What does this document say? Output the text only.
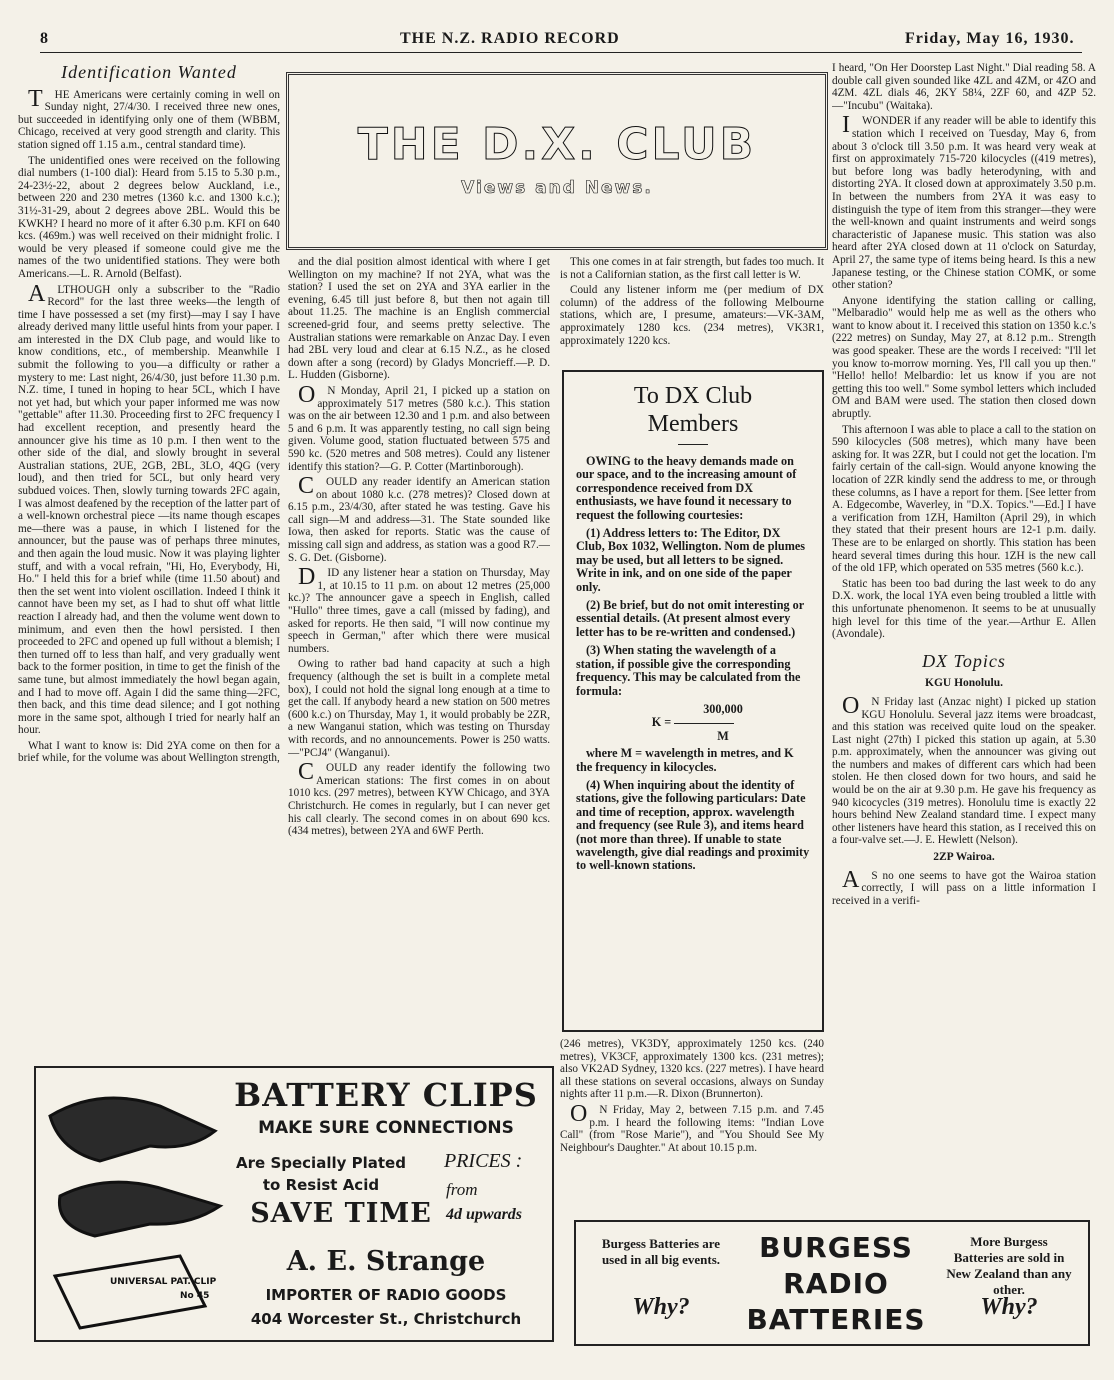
8	THE N.Z. RADIO RECORD	Friday, May 16, 1930.
Identification Wanted

THE Americans were certainly coming in well on Sunday night, 27/4/30. I received three new ones, but succeeded in identifying only one of them (WBBM, Chicago, received at very good strength and clarity. This station signed off 1.15 a.m., central standard time).

The unidentified ones were received on the following dial numbers (1-100 dial): Heard from 5.15 to 5.30 p.m., 24-23½-22, about 2 degrees below Auckland, i.e., between 220 and 230 metres (1360 k.c. and 1300 k.c.); 31½-31-29, about 2 degrees above 2BL. Would this be KWKH? I heard no more of it after 6.30 p.m. KFI on 640 kcs. (469m.) was well received on their midnight frolic. I would be very pleased if someone could give me the names of the two unidentified stations. They were both Americans.—L. R. Arnold (Belfast).

ALTHOUGH only a subscriber to the "Radio Record" for the last three weeks—the length of time I have possessed a set (my first)—may I say I have already derived many little useful hints from your paper. I am interested in the DX Club page, and would like to know conditions, etc., of membership. Meanwhile I submit the following to you—a difficulty or rather a mystery to me: Last night, 26/4/30, just before 11.30 p.m. N.Z. time, I tuned in hoping to hear 5CL, which I have not yet had, but which your paper informed me was now "gettable" after 11.30. Proceeding first to 2FC frequency I had excellent reception, and presently heard the announcer give his time as 10 p.m. I then went to the other side of the dial, and slowly brought in several Australian stations, 2UE, 2GB, 2BL, 3LO, 4QG (very loud), and then tried for 5CL, but only heard very subdued voices. Then, slowly turning towards 2FC again, I was almost deafened by the reception of the latter part of a well-known orchestral piece —its name though escapes me—there was a pause, in which I listened for the announcer, but the pause was of perhaps three minutes, and then again the loud music. Now it was playing lighter stuff, and with a vocal refrain, "Hi, Ho, Everybody, Hi, Ho." I held this for a brief while (time 11.50 about) and then the set went into violent oscillation. Indeed I think it cannot have been my set, as I had to shut off what little reaction I already had, and then the volume went down to minimum, and even then the howl persisted. I then proceeded to 2FC and opened up full without a blemish; I then turned off to less than half, and very gradually went back to the former position, in time to get the finish of the same tune, but almost immediately the howl began again, and I had to move off. Again I did the same thing—2FC, then back, and this time dead silence; and I got nothing more in the same spot, although I tried for nearly half an hour.

What I want to know is: Did 2YA come on then for a brief while, for the volume was about Wellington strength,

THE D.X. CLUB
Views and News.

and the dial position almost identical with where I get Wellington on my machine? If not 2YA, what was the station? I used the set on 2YA and 3YA earlier in the evening, 6.45 till just before 8, but then not again till about 11.25. The machine is an English commercial screened-grid four, and seems pretty selective. The Australian stations were remarkable on Anzac Day. I even had 2BL very loud and clear at 6.15 N.Z., as he closed down after a song (record) by Gladys Moncrieff.—P. D. L. Hudden (Gisborne).

ON Monday, April 21, I picked up a station on approximately 517 metres (580 k.c.). This station was on the air between 12.30 and 1 p.m. and also between 5 and 6 p.m. It was apparently testing, no call sign being given. Volume good, station fluctuated between 575 and 590 kc. (520 metres and 508 metres). Could any listener identify this station?—G. P. Cotter (Martinborough).

COULD any reader identify an American station on about 1080 k.c. (278 metres)? Closed down at 6.15 p.m., 23/4/30, after stated he was testing. Gave his call sign—M and address—31. The State sounded like Iowa, then asked for reports. Static was the cause of missing call sign and address, as station was a good R7.—S. G. Det. (Gisborne).

DID any listener hear a station on Thursday, May 1, at 10.15 to 11 p.m. on about 12 metres (25,000 kc.)? The announcer gave a speech in English, called "Hullo" three times, gave a call (missed by fading), and asked for reports. He then said, "I will now continue my speech in German," after which there were musical numbers.

Owing to rather bad hand capacity at such a high frequency (although the set is built in a complete metal box), I could not hold the signal long enough at a time to get the call. If anybody heard a new station on 500 metres (600 k.c.) on Thursday, May 1, it would probably be 2ZR, a new Wanganui station, which was testing on Thursday with records, and no announcements. Power is 250 watts.—"PCJ4" (Wanganui).

COULD any reader identify the following two American stations: The first comes in on about 1010 kcs. (297 metres), between KYW Chicago, and 3YA Christchurch. He comes in regularly, but I can never get his call clearly. The second comes in on about 690 kcs. (434 metres), between 2YA and 6WF Perth.

This one comes in at fair strength, but fades too much. It is not a Californian station, as the first call letter is W.

Could any listener inform me (per medium of DX column) of the address of the following Melbourne stations, which are, I presume, amateurs:—VK-3AM, approximately 1280 kcs. (234 metres), VK3R1, approximately 1220 kcs.

To DX Club
Members

OWING to the heavy demands made on our space, and to the increasing amount of correspondence received from DX enthusiasts, we have found it necessary to request the following courtesies:

(1) Address letters to: The Editor, DX Club, Box 1032, Wellington. Nom de plumes may be used, but all letters to be signed. Write in ink, and on one side of the paper only.

(2) Be brief, but do not omit interesting or essential details. (At present almost every letter has to be re-written and condensed.)

(3) When stating the wavelength of a station, if possible give the corresponding frequency. This may be calculated from the formula:

300,000
K =
M

where M = wavelength in metres, and K the frequency in kilocycles.

(4) When inquiring about the identity of stations, give the following particulars: Date and time of reception, approx. wavelength and frequency (see Rule 3), and items heard (not more than three). If unable to state wavelength, give dial readings and proximity to well-known stations.

(246 metres), VK3DY, approximately 1250 kcs. (240 metres), VK3CF, approximately 1300 kcs. (231 metres); also VK2AD Sydney, 1320 kcs. (227 metres). I have heard all these stations on several occasions, always on Sunday nights after 11 p.m.—R. Dixon (Brunnerton).

ON Friday, May 2, between 7.15 p.m. and 7.45 p.m. I heard the following items: "Indian Love Call" (from "Rose Marie"), and "You Should See My Neighbour's Daughter." At about 10.15 p.m.

I heard, "On Her Doorstep Last Night." Dial reading 58. A double call given sounded like 4ZL and 4ZM, or 4ZO and 4ZM. 4ZL dials 46, 2KY 58¼, 2ZF 60, and 4ZP 52.—"Incubu" (Waitaka).

IWONDER if any reader will be able to identify this station which I received on Tuesday, May 6, from about 3 o'clock till 3.50 p.m. It was heard very weak at first on approximately 715-720 kilocycles ((419 metres), but before long was badly heterodyning, with and distorting 2YA. It closed down at approximately 3.50 p.m. In between the numbers from 2YA it was easy to distinguish the type of item from this stranger—they were the well-known and quaint instruments and weird songs characteristic of Japanese music. This station was also heard after 2YA closed down at 11 o'clock on Saturday, April 27, the same type of items being heard. Is this a new Japanese testing, or the Chinese station COMK, or some other station?

Anyone identifying the station calling or calling, "Melbaradio" would help me as well as the others who want to know about it. I received this station on 1350 k.c.'s (222 metres) on Sunday, May 27, at 8.12 p.m.. Strength was good speaker. These are the words I received: "I'll let you know to-morrow morning. Yes, I'll call you up then." "Hello! hello! Melbardio: let us know if you are not getting this too well." Some symbol letters which included OM and BAM were used. The station then closed down abruptly.

This afternoon I was able to place a call to the station on 590 kilocycles (508 metres), which many have been asking for. It was 2ZR, but I could not get the location. I'm fairly certain of the call-sign. Would anyone knowing the location of 2ZR kindly send the address to me, or through these columns, as I have a report for them. [See letter from A. Edgecombe, Waverley, in "D.X. Topics."—Ed.] I have a verification from 1ZH, Hamilton (April 29), in which they stated that their present hours are 12-1 p.m. daily. These are to be enlarged on shortly. This station has been heard several times during this hour. 1ZH is the new call of the old 1FP, which operated on 535 metres (560 k.c.).

Static has been too bad during the last week to do any D.X. work, the local 1YA even being troubled a little with this unfortunate phenomenon. It seems to be at unusually high level for this time of the year.—Arthur E. Allen (Avondale).

DX Topics
KGU Honolulu.

ON Friday last (Anzac night) I picked up station KGU Honolulu. Several jazz items were broadcast, and this station was received quite loud on the speaker. Last night (27th) I picked this station up again, at 5.30 p.m. approximately, when the announcer was giving out the numbers and makes of different cars which had been stolen. He then closed down for two hours, and said he would be on the air at 9.30 p.m. He gave his frequency as 940 kicocycles (319 metres). Honolulu time is exactly 22 hours behind New Zealand standard time. I expect many other listeners have heard this station, as I received this on a four-valve set.—J. E. Hewlett (Nelson).

2ZP Wairoa.

AS no one seems to have got the Wairoa station correctly, I will pass on a little information I received in a verifi-

UNIVERSAL PAT. CLIP
No 45
BATTERY CLIPS
MAKE SURE CONNECTIONS
Are Specially Plated
to Resist Acid
PRICES :
from
4d upwards
SAVE TIME
A. E. Strange
IMPORTER OF RADIO GOODS
404 Worcester St., Christchurch
Burgess Batteries are used in all big events.
Why?
BURGESS
RADIO
BATTERIES
More Burgess Batteries are sold in New Zealand than any other.
Why?
